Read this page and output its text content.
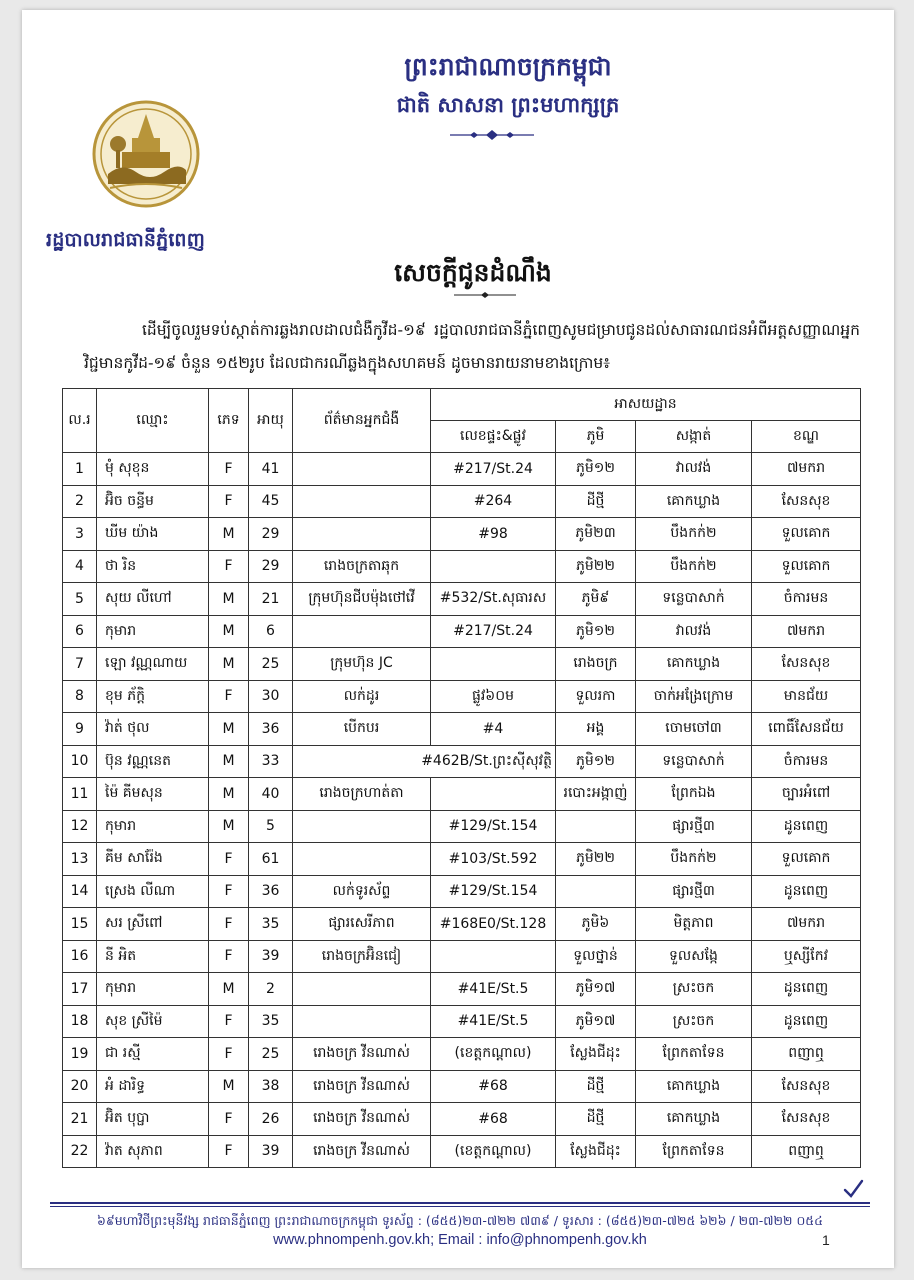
ព្រះរាជាណាចក្រកម្ពុជា
ជាតិ សាសនា ព្រះមហាក្សត្រ
រដ្ឋបាលរាជធានីភ្នំពេញ
សេចក្តីជូនដំណឹង
ដើម្បីចូលរួមទប់ស្កាត់ការឆ្លងរាលដាលជំងឺកូវីដ-១៩ រដ្ឋបាលរាជធានីភ្នំពេញសូមជម្រាបជូនដល់សាធារណជនអំពីអត្តសញ្ញាណអ្នកវិជ្ជមានកូវីដ-១៩ ចំនួន ១៥២រូប ដែលជាករណីឆ្លងក្នុងសហគមន៍ ដូចមានរាយនាមខាងក្រោម៖
ល.រ	ឈ្មោះ	ភេទ	អាយុ	ព័ត៌មានអ្នកជំងឺ	អាសយដ្ឋាន			
					លេខផ្ទះ&ផ្លូវ	ភូមិ	សង្កាត់	ខណ្ឌ
1	មុំ សុខុន	F	41		#217/St.24	ភូមិ១២	វាលវង់	៧មករា
2	អ៊ិច ចន្ធីម	F	45		#264	ដីថ្មី	គោកឃ្លាង	សែនសុខ
3	ឃីម យ៉ាង	M	29		#98	ភូមិ២៣	បឹងកក់២	ទួលគោក
4	ថា រិន	F	29	រោងចក្រតាឆុក		ភូមិ២២	បឹងកក់២	ទួលគោក
5	សុយ លីហៅ	M	21	ក្រុមហ៊ុនជីបម៉ុងថៅវើ	#532/St.សុធារស	ភូមិ៩	ទន្លេបាសាក់	ចំការមន
6	កុមារា	M	6		#217/St.24	ភូមិ១២	វាលវង់	៧មករា
7	ឡោ វណ្ណណាយ	M	25	ក្រុមហ៊ុន JC		រោងចក្រ	គោកឃ្លាង	សែនសុខ
8	ខុម ភ័ក្តិ	F	30	លក់ដូរ	ផ្លូវ៦០ម	ទួលរកា	ចាក់អង្រែក្រោម	មានជ័យ
9	វ៉ាត់ ថុល	M	36	បើកបរ	#4	អង្គ	ចោមចៅ៣	ពោធិ៍សែនជ័យ
10	ប៊ុន វណ្ណនេត	M	33	#462B/St.ព្រះស៊ីសុវត្ថិ		ភូមិ១២	ទន្លេបាសាក់	ចំការមន
11	ម៉ៃ គីមសុន	M	40	រោងចក្រហាត់តា		របោះអង្កាញ់	ព្រែកឯង	ច្បារអំពៅ
12	កុមារា	M	5		#129/St.154		ផ្សារថ្មី៣	ដូនពេញ
13	គីម សារ៉ែង	F	61		#103/St.592	ភូមិ២២	បឹងកក់២	ទួលគោក
14	ស្រេង លីណា	F	36	លក់ទូរស័ព្ទ	#129/St.154		ផ្សារថ្មី៣	ដូនពេញ
15	សរ ស្រីពៅ	F	35	ផ្សារសេរីភាព	#168E0/St.128	ភូមិ៦	មិត្តភាព	៧មករា
16	នី អិត	F	39	រោងចក្រអ៊ិនជៀ		ទួលថ្នាន់	ទួលសង្កែ	ឬស្សីកែវ
17	កុមារា	M	2		#41E/St.5	ភូមិ១៧	ស្រះចក	ដូនពេញ
18	សុខ ស្រីម៉ៃ	F	35		#41E/St.5	ភូមិ១៧	ស្រះចក	ដូនពេញ
19	ជា រស្មី	F	25	រោងចក្រ វីនណាស់	(ខេត្តកណ្តាល)	ស្លែងជីដុះ	ព្រែកតាទែន	ពញាឮ
20	អំ ដារិទ្ធ	M	38	រោងចក្រ វីនណាស់	#68	ដីថ្មី	គោកឃ្លាង	សែនសុខ
21	អ៊ិត បុប្ផា	F	26	រោងចក្រ វីនណាស់	#68	ដីថ្មី	គោកឃ្លាង	សែនសុខ
22	វ៉ាត សុភាព	F	39	រោងចក្រ វីនណាស់	(ខេត្តកណ្តាល)	ស្លែងជីដុះ	ព្រែកតាទែន	ពញាឮ
៦៩មហាវិថីព្រះមុនីវង្ស រាជធានីភ្នំពេញ ព្រះរាជាណាចក្រកម្ពុជា ទូរស័ព្ទ : (៨៥៥)២៣-៧២២ ៧៣៩ / ទូរសារ : (៨៥៥)២៣-៧២៥ ៦២៦ / ២៣-៧២២ ០៥៤
www.phnompenh.gov.kh; Email : info@phnompenh.gov.kh	1
